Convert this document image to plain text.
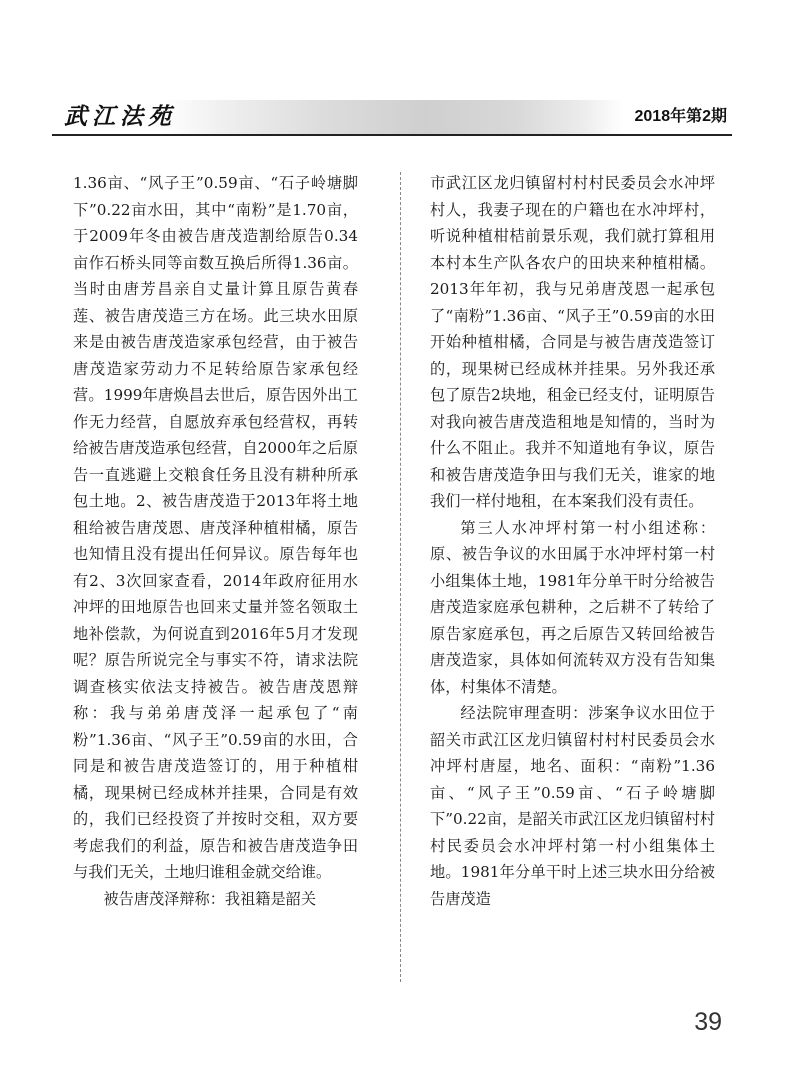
武江法苑	2018年第2期

1.36亩、“风子王”0.59亩、“石子岭塘脚下”0.22亩水田，其中“南粉”是1.70亩，于2009年冬由被告唐茂造割给原告0.34亩作石桥头同等亩数互换后所得1.36亩。当时由唐芳昌亲自丈量计算且原告黄春莲、被告唐茂造三方在场。此三块水田原来是由被告唐茂造家承包经营，由于被告唐茂造家劳动力不足转给原告家承包经营。1999年唐焕昌去世后，原告因外出工作无力经营，自愿放弃承包经营权，再转给被告唐茂造承包经营，自2000年之后原告一直逃避上交粮食任务且没有耕种所承包土地。2、被告唐茂造于2013年将土地租给被告唐茂恩、唐茂泽种植柑橘，原告也知情且没有提出任何异议。原告每年也有2、3次回家查看，2014年政府征用水冲坪的田地原告也回来丈量并签名领取土地补偿款，为何说直到2016年5月才发现呢？原告所说完全与事实不符，请求法院调查核实依法支持被告。被告唐茂恩辩称：我与弟弟唐茂泽一起承包了“南粉”1.36亩、“风子王”0.59亩的水田，合同是和被告唐茂造签订的，用于种植柑橘，现果树已经成林并挂果，合同是有效的，我们已经投资了并按时交租，双方要考虑我们的利益，原告和被告唐茂造争田与我们无关，土地归谁租金就交给谁。

被告唐茂泽辩称：我祖籍是韶关

市武江区龙归镇留村村村民委员会水冲坪村人，我妻子现在的户籍也在水冲坪村，听说种植柑桔前景乐观，我们就打算租用本村本生产队各农户的田块来种植柑橘。2013年年初，我与兄弟唐茂恩一起承包了“南粉”1.36亩、“风子王”0.59亩的水田开始种植柑橘，合同是与被告唐茂造签订的，现果树已经成林并挂果。另外我还承包了原告2块地，租金已经支付，证明原告对我向被告唐茂造租地是知情的，当时为什么不阻止。我并不知道地有争议，原告和被告唐茂造争田与我们无关，谁家的地我们一样付地租，在本案我们没有责任。

第三人水冲坪村第一村小组述称：原、被告争议的水田属于水冲坪村第一村小组集体土地，1981年分单干时分给被告唐茂造家庭承包耕种，之后耕不了转给了原告家庭承包，再之后原告又转回给被告唐茂造家，具体如何流转双方没有告知集体，村集体不清楚。

经法院审理查明：涉案争议水田位于韶关市武江区龙归镇留村村村民委员会水冲坪村唐屋，地名、面积：“南粉”1.36亩、“风子王”0.59亩、“石子岭塘脚下”0.22亩，是韶关市武江区龙归镇留村村村民委员会水冲坪村第一村小组集体土地。1981年分单干时上述三块水田分给被告唐茂造

39
